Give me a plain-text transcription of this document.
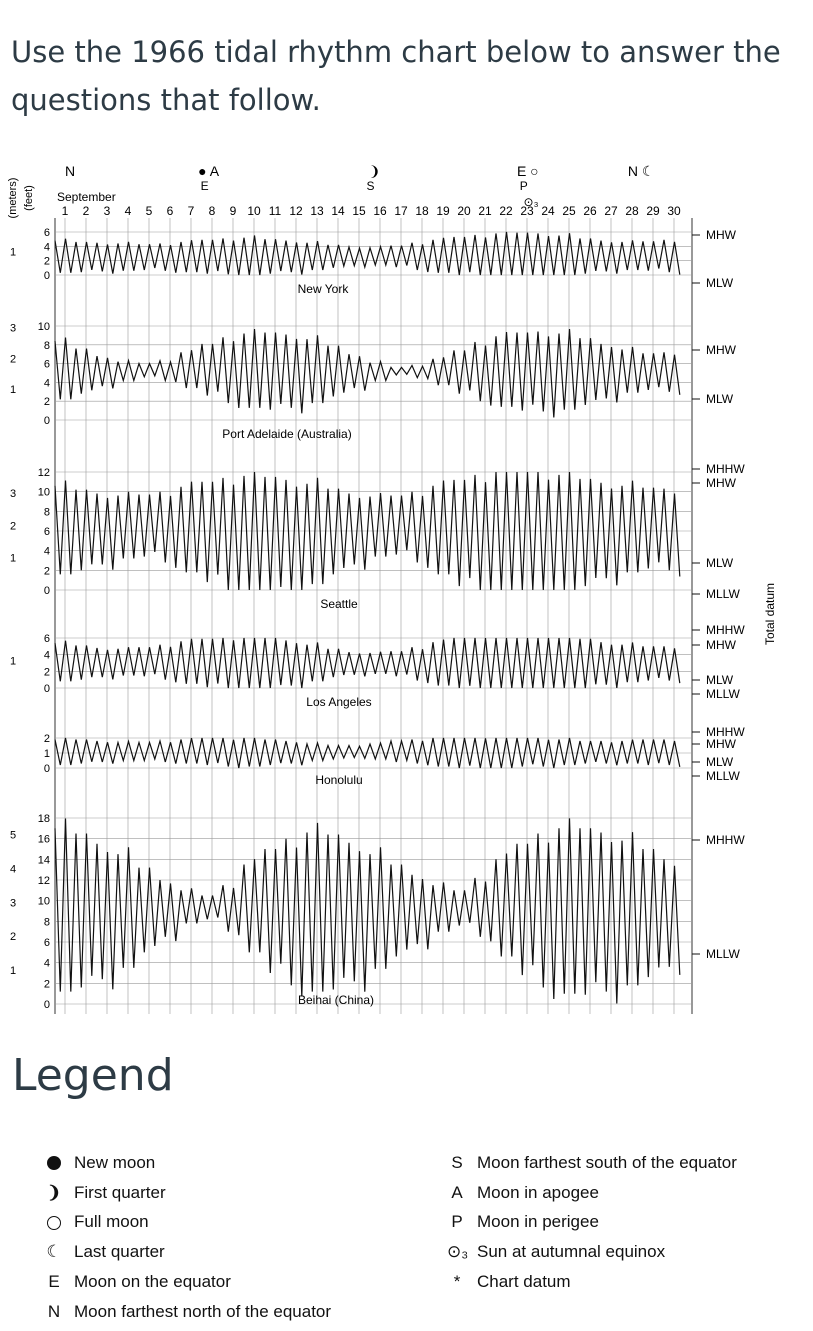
Use the 1966 tidal rhythm chart below to answer the questions that follow.
(meters) (feet)
N	● A
E
❩
S
E ○
P
N ☾
⊙₃
September
1 2 3 4 5 6 7 8 9 10 11 12 13 14 15 16 17 18 19 20 21 22 23 24 25 26 27 28 29 30
Total datum
6
4
2
0
1
New York
MHW
MLW
10
8
6
4
2
0
3
2
1
Port Adelaide (Australia)
MHW
MLW
12
10
8
6
4
2
0
3
2
1
Seattle
MHHW
MHW
MLW
MLLW
6
4
2
0
1
Los Angeles
MHHW
MHW
MLW
MLLW
2
1
0
Honolulu
MHHW
MHW
MLW
MLLW
18
16
14
12
10
8
6
4
2
0
5
4
3
2
1
Beihai (China)
MHHW
MLLW
Legend
New moon
❩ First quarter
Full moon
☾ Last quarter
E Moon on the equator
N Moon farthest north of the equator
S Moon farthest south of the equator
A Moon in apogee
P Moon in perigee
⊙₃ Sun at autumnal equinox
* Chart datum
